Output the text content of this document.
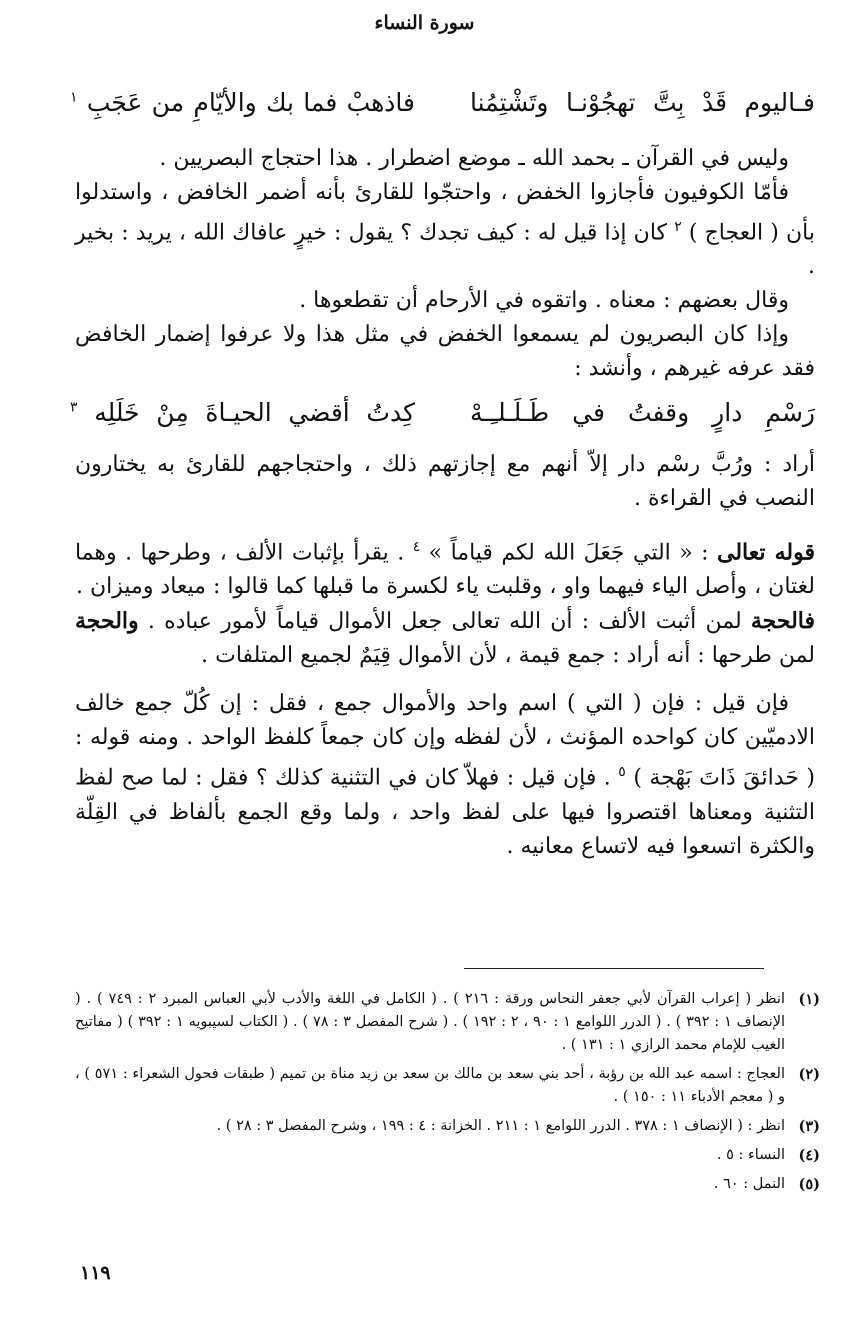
سورة النساء
فـاليوم قَدْ بِتَّ تهجُوْنـا وتَشْتِمُنا
فاذهبْ فما بك والأيّامِ من عَجَبِ $^١$

وليس في القرآن ـ بحمد الله ـ موضع اضطرار . هذا احتجاج البصريين .

فأمّا الكوفيون فأجازوا الخفض ، واحتجّوا للقارئ بأنه أضمر الخافض ، واستدلوا بأن ( العجاج ) $^٢$ كان إذا قيل له : كيف تجدك ؟ يقول : خيرٍ عافاك الله ، يريد : بخير .

وقال بعضهم : معناه . واتقوه في الأرحام أن تقطعوها .

وإذا كان البصريون لم يسمعوا الخفض في مثل هذا ولا عرفوا إضمار الخافض فقد عرفه غيرهم ، وأنشد :

رَسْمِ دارٍ وقفتُ في طَـلَـلـِـهْ
كِدتُ أقضي الحيـاةَ مِنْ خَلَلِه $^٣$

أراد : ورُبَّ رسْم دار إلاّ أنهم مع إجازتهم ذلك ، واحتجاجهم للقارئ به يختارون النصب في القراءة .

قوله تعالى : « التي جَعَلَ الله لكم قياماً » $^٤$ . يقرأ بإثبات الألف ، وطرحها . وهما لغتان ، وأصل الياء فيهما واو ، وقلبت ياء لكسرة ما قبلها كما قالوا : ميعاد وميزان .

فالحجة لمن أثبت الألف : أن الله تعالى جعل الأموال قياماً لأمور عباده . والحجة لمن طرحها : أنه أراد : جمع قيمة ، لأن الأموال قِيَمٌ لجميع المتلفات .

فإن قيل : فإن ( التي ) اسم واحد والأموال جمع ، فقل : إن كُلّ جمع خالف الادميّين كان كواحده المؤنث ، لأن لفظه وإن كان جمعاً كلفظ الواحد . ومنه قوله : ( حَدائقَ ذَاتَ بَهْجة ) $^٥$ . فإن قيل : فهلاّ كان في التثنية كذلك ؟ فقل : لما صح لفظ التثنية ومعناها اقتصروا فيها على لفظ واحد ، ولما وقع الجمع بألفاظ في القِلّة والكثرة اتسعوا فيه لاتساع معانيه .

(١)
انظر ( إعراب القرآن لأبي جعفر النحاس ورقة : ٢١٦ ) . ( الكامل في اللغة والأدب لأبي العباس المبرد ٢ : ٧٤٩ ) . ( الإنصاف ١ : ٣٩٢ ) . ( الدرر اللوامع ١ : ٩٠ ، ٢ : ١٩٢ ) . ( شرح المفصل ٣ : ٧٨ ) . ( الكتاب لسيبويه ١ : ٣٩٢ ) ( مفاتيح الغيب للإمام محمد الرازي ١ : ١٣١ ) .
(٢)
العجاج : اسمه عبد الله بن رؤبة ، أحد بني سعد بن مالك بن سعد بن زيد مناة بن تميم ( طبقات فحول الشعراء : ٥٧١ ) ، و ( معجم الأدباء ١١ : ١٥٠ ) .
(٣)
انظر : ( الإنصاف ١ : ٣٧٨ . الدرر اللوامع ١ : ٢١١ . الخزانة : ٤ : ١٩٩ ، وشرح المفصل ٣ : ٢٨ ) .
(٤)
النساء : ٥ .
(٥)
النمل : ٦٠ .
١١٩
